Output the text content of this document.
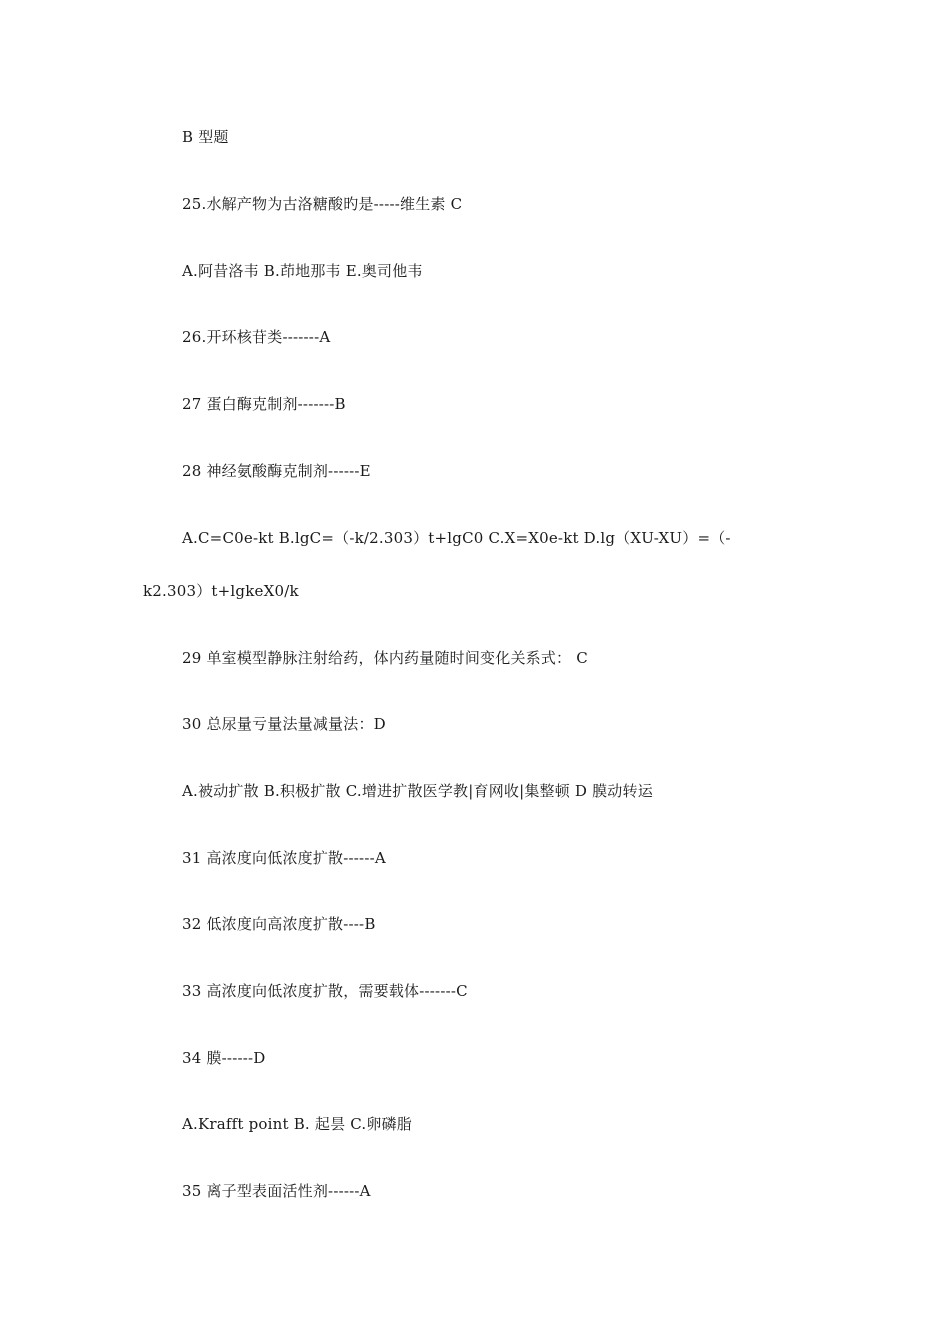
B 型题
25.水解产物为古洛糖酸旳是-----维生素 C
A.阿昔洛韦 B.茚地那韦 E.奥司他韦
26.开环核苷类-------A
27 蛋白酶克制剂-------B
28 神经氨酸酶克制剂------E
A.C=C0e-kt B.lgC=（-k/2.303）t+lgC0 C.X=X0e-kt D.lg（XU-XU）=（-
k2.303）t+lgkeX0/k
29 单室模型静脉注射给药，体内药量随时间变化关系式： C
30 总尿量亏量法量减量法：D
A.被动扩散 B.积极扩散 C.增进扩散医学教|育网收|集整顿 D 膜动转运
31 高浓度向低浓度扩散------A
32 低浓度向高浓度扩散----B
33 高浓度向低浓度扩散，需要载体-------C
34 膜------D
A.Krafft point B. 起昙 C.卵磷脂
35 离子型表面活性剂------A
